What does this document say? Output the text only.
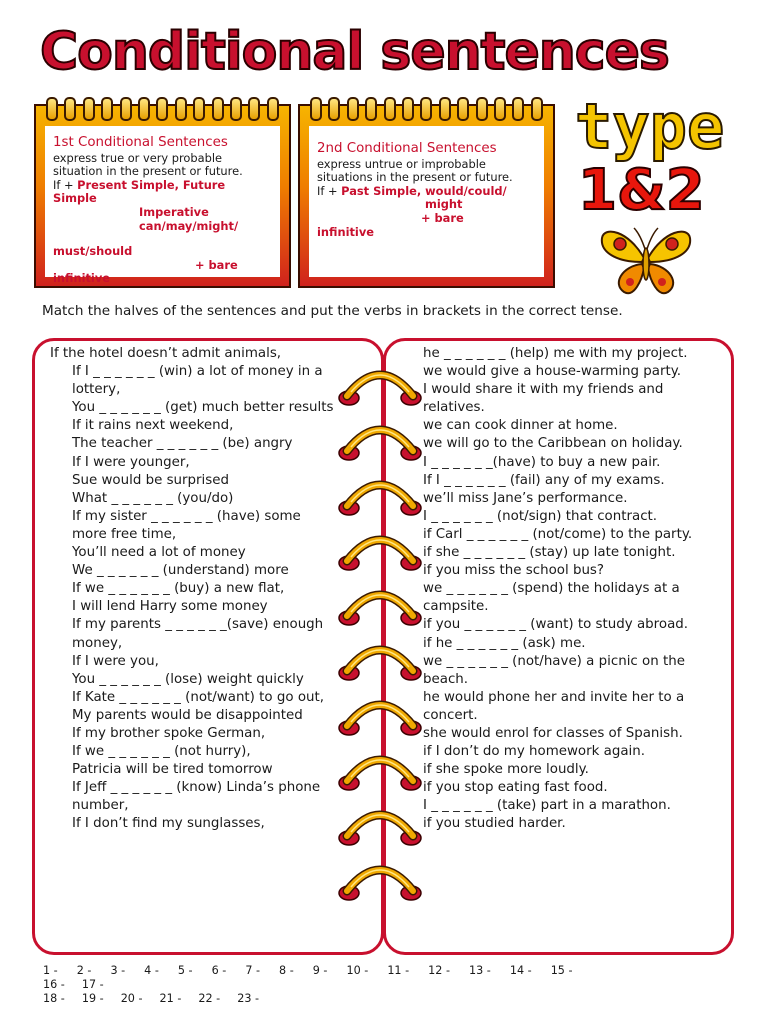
Conditional sentences
type
1&2
1st Conditional Sentences
express true or very probable
situation in the present or future.
If + Present Simple, Future
Simple
Imperative
can/may/might/
must/should
+ bare
infinitive
2nd Conditional Sentences
express untrue or improbable
situations in the present or future.
If + Past Simple, would/could/
might
+ bare
infinitive

Match the halves of the sentences and put the verbs in brackets in the correct tense.

If the hotel doesn’t admit animals,
If I _ _ _ _ _ _ (win) a lot of money in a
lottery,
You _ _ _ _ _ _ (get) much better results
If it rains next weekend,
The teacher _ _ _ _ _ _ (be) angry
If I were younger,
Sue would be surprised
What _ _ _ _ _ _ (you/do)
If my sister _ _ _ _ _ _ (have) some
more free time,
You’ll need a lot of money
We _ _ _ _ _ _ (understand) more
If we _ _ _ _ _ _ (buy) a new flat,
I will lend Harry some money
If my parents _ _ _ _ _ _(save) enough
money,
If I were you,
You _ _ _ _ _ _ (lose) weight quickly
If Kate _ _ _ _ _ _ (not/want) to go out,
My parents would be disappointed
If my brother spoke German,
If we _ _ _ _ _ _ (not hurry),
Patricia will be tired tomorrow
If Jeff _ _ _ _ _ _ (know) Linda’s phone
number,
If I don’t find my sunglasses,
he _ _ _ _ _ _ (help) me with my project.
we would give a house-warming party.
I would share it with my friends and
relatives.
we can cook dinner at home.
we will go to the Caribbean on holiday.
I _ _ _ _ _ _(have) to buy a new pair.
If I _ _ _ _ _ _ (fail) any of my exams.
we’ll miss Jane’s performance.
I _ _ _ _ _ _ (not/sign) that contract.
if Carl _ _ _ _ _ _ (not/come) to the party.
if she _ _ _ _ _ _ (stay) up late tonight.
if you miss the school bus?
we _ _ _ _ _ _ (spend) the holidays at a
campsite.
if you _ _ _ _ _ _ (want) to study abroad.
if he _ _ _ _ _ _ (ask) me.
we _ _ _ _ _ _ (not/have) a picnic on the
beach.
he would phone her and invite her to a
concert.
she would enrol for classes of Spanish.
if I don’t do my homework again.
if she spoke more loudly.
if you stop eating fast food.
I _ _ _ _ _ _ (take) part in a marathon.
if you studied harder.
1 - 2 - 3 - 4 - 5 - 6 - 7 - 8 - 9 - 10 - 11 - 12 - 13 - 14 - 15 -
16 - 17 -
18 - 19 - 20 - 21 - 22 - 23 -
